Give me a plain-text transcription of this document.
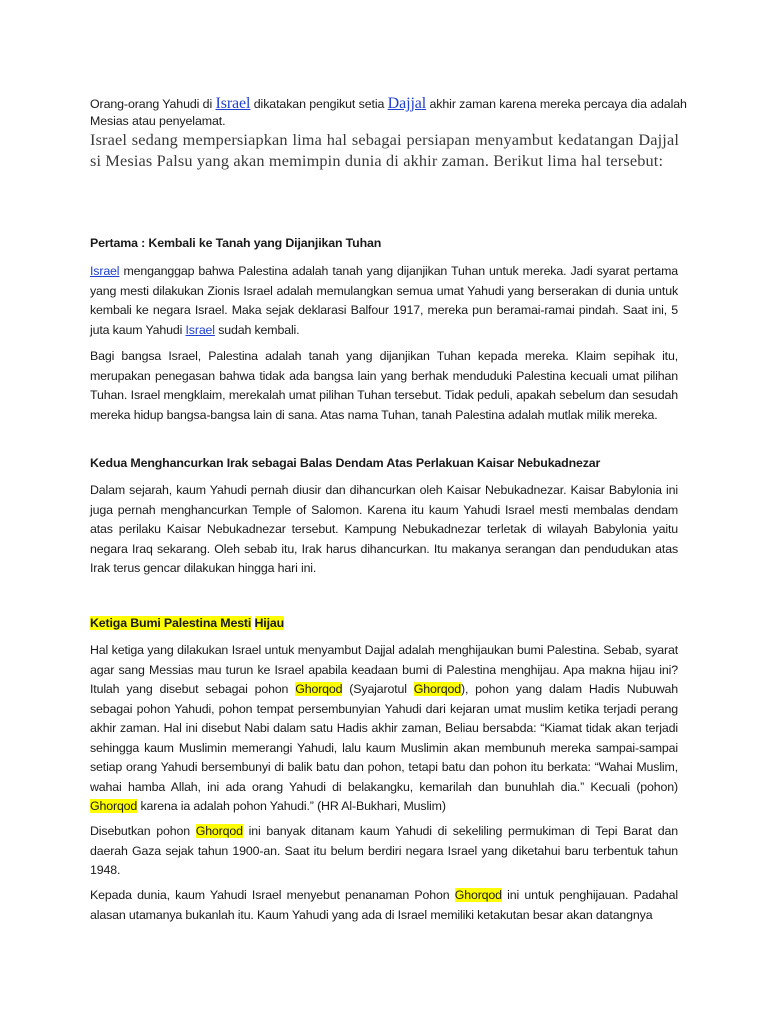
Orang-orang Yahudi di Israel dikatakan pengikut setia Dajjal akhir zaman karena mereka percaya dia adalah Mesias atau penyelamat.

Israel sedang mempersiapkan lima hal sebagai persiapan menyambut kedatangan Dajjal si Mesias Palsu yang akan memimpin dunia di akhir zaman. Berikut lima hal tersebut:

Pertama : Kembali ke Tanah yang Dijanjikan Tuhan

Israel menganggap bahwa Palestina adalah tanah yang dijanjikan Tuhan untuk mereka. Jadi syarat pertama yang mesti dilakukan Zionis Israel adalah memulangkan semua umat Yahudi yang berserakan di dunia untuk kembali ke negara Israel. Maka sejak deklarasi Balfour 1917, mereka pun beramai-ramai pindah. Saat ini, 5 juta kaum Yahudi Israel sudah kembali.

Bagi bangsa Israel, Palestina adalah tanah yang dijanjikan Tuhan kepada mereka. Klaim sepihak itu, merupakan penegasan bahwa tidak ada bangsa lain yang berhak menduduki Palestina kecuali umat pilihan Tuhan. Israel mengklaim, merekalah umat pilihan Tuhan tersebut. Tidak peduli, apakah sebelum dan sesudah mereka hidup bangsa-bangsa lain di sana. Atas nama Tuhan, tanah Palestina adalah mutlak milik mereka.

Kedua Menghancurkan Irak sebagai Balas Dendam Atas Perlakuan Kaisar Nebukadnezar

Dalam sejarah, kaum Yahudi pernah diusir dan dihancurkan oleh Kaisar Nebukadnezar. Kaisar Babylonia ini juga pernah menghancurkan Temple of Salomon. Karena itu kaum Yahudi Israel mesti membalas dendam atas perilaku Kaisar Nebukadnezar tersebut. Kampung Nebukadnezar terletak di wilayah Babylonia yaitu negara Iraq sekarang. Oleh sebab itu, Irak harus dihancurkan. Itu makanya serangan dan pendudukan atas Irak terus gencar dilakukan hingga hari ini.

Ketiga Bumi Palestina Mesti Hijau

Hal ketiga yang dilakukan Israel untuk menyambut Dajjal adalah menghijaukan bumi Palestina. Sebab, syarat agar sang Messias mau turun ke Israel apabila keadaan bumi di Palestina menghijau. Apa makna hijau ini? Itulah yang disebut sebagai pohon Ghorqod (Syajarotul Ghorqod), pohon yang dalam Hadis Nubuwah sebagai pohon Yahudi, pohon tempat persembunyian Yahudi dari kejaran umat muslim ketika terjadi perang akhir zaman. Hal ini disebut Nabi dalam satu Hadis akhir zaman, Beliau bersabda: “Kiamat tidak akan terjadi sehingga kaum Muslimin memerangi Yahudi, lalu kaum Muslimin akan membunuh mereka sampai-sampai setiap orang Yahudi bersembunyi di balik batu dan pohon, tetapi batu dan pohon itu berkata: “Wahai Muslim, wahai hamba Allah, ini ada orang Yahudi di belakangku, kemarilah dan bunuhlah dia.” Kecuali (pohon) Ghorqod karena ia adalah pohon Yahudi.” (HR Al-Bukhari, Muslim)

Disebutkan pohon Ghorqod ini banyak ditanam kaum Yahudi di sekeliling permukiman di Tepi Barat dan daerah Gaza sejak tahun 1900-an. Saat itu belum berdiri negara Israel yang diketahui baru terbentuk tahun 1948.

Kepada dunia, kaum Yahudi Israel menyebut penanaman Pohon Ghorqod ini untuk penghijauan. Padahal alasan utamanya bukanlah itu. Kaum Yahudi yang ada di Israel memiliki ketakutan besar akan datangnya
